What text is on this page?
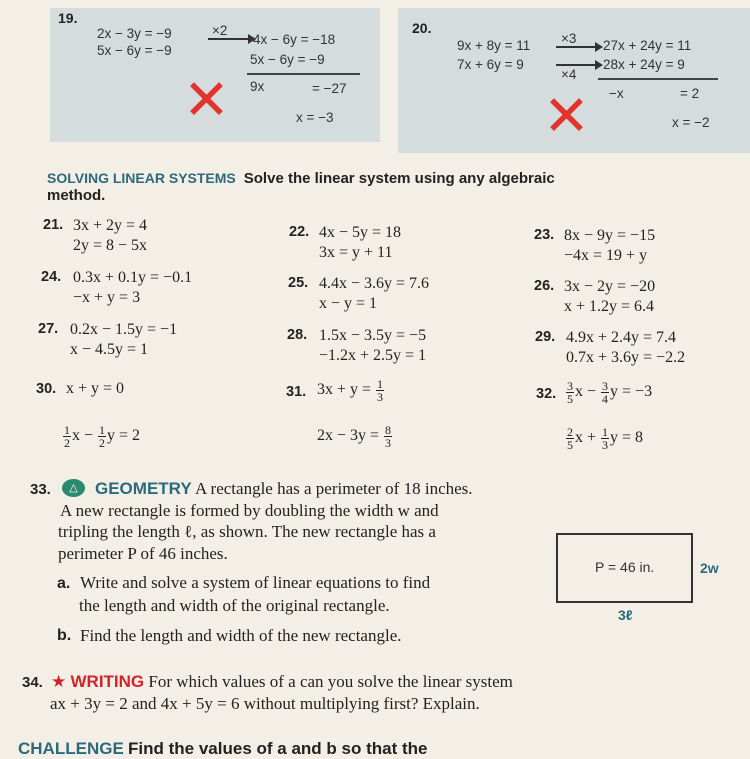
19.
2x − 3y = −9
5x − 6y = −9
×2
4x − 6y = −18
5x − 6y = −9
9x	= −27
x = −3
✕
20.
9x + 8y = 11
7x + 6y = 9
×3
×4
27x + 24y = 11
28x + 24y = 9
−x	= 2
x = −2
✕
SOLVING LINEAR SYSTEMS Solve the linear system using any algebraic
method.
21. 3x + 2y = 4
2y = 8 − 5x
22. 4x − 5y = 18
3x = y + 11
23. 8x − 9y = −15
−4x = 19 + y
24. 0.3x + 0.1y = −0.1
−x + y = 3
25. 4.4x − 3.6y = 7.6
x − y = 1
26. 3x − 2y = −20
x + 1.2y = 6.4
27. 0.2x − 1.5y = −1
x − 4.5y = 1
28. 1.5x − 3.5y = −5
−1.2x + 2.5y = 1
29. 4.9x + 2.4y = 7.4
0.7x + 3.6y = −2.2
30. x + y = 0
$\frac{1}{2}$ $x - \frac{1}{2}$ y = 2
31. $3x + y = \frac{1}{3}$
$2x - 3y = \frac{8}{3}$
32. $\frac{3}{5}$ $x - \frac{3}{4}$ y = −3
$\frac{2}{5}$ $x + \frac{1}{3}$ y = 8
33.	△	GEOMETRY A rectangle has a perimeter of 18 inches.
A new rectangle is formed by doubling the width w and
tripling the length ℓ, as shown. The new rectangle has a
perimeter P of 46 inches.
a. Write and solve a system of linear equations to find
the length and width of the original rectangle.
b. Find the length and width of the new rectangle.
P = 46 in.	2w
3ℓ
34. ★ WRITING For which values of a can you solve the linear system
ax + 3y = 2 and 4x + 5y = 6 without multiplying first? Explain.
CHALLENGE Find the values of a and b so that the
